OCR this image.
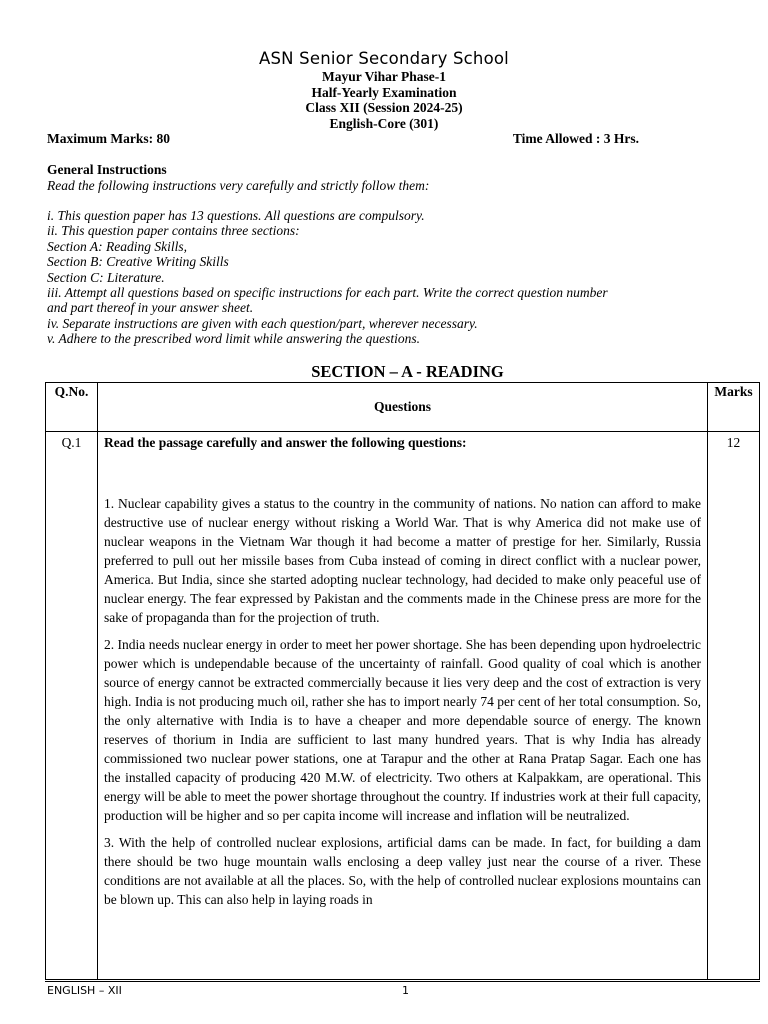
ASN Senior Secondary School
Mayur Vihar Phase-1
Half-Yearly Examination
Class XII (Session 2024-25)
English-Core (301)
Maximum Marks: 80	Time Allowed : 3 Hrs.
General Instructions
Read the following instructions very carefully and strictly follow them:
i. This question paper has 13 questions. All questions are compulsory.
ii. This question paper contains three sections:
Section A: Reading Skills,
Section B: Creative Writing Skills
Section C: Literature.
iii. Attempt all questions based on specific instructions for each part. Write the correct question number and part thereof in your answer sheet.
iv. Separate instructions are given with each question/part, wherever necessary.
v. Adhere to the prescribed word limit while answering the questions.
SECTION – A - READING
Q.No.	Questions	Marks
Q.1	Read the passage carefully and answer the following questions:

1. Nuclear capability gives a status to the country in the community of nations. No nation can afford to make destructive use of nuclear energy without risking a World War. That is why America did not make use of nuclear weapons in the Vietnam War though it had become a matter of prestige for her. Similarly, Russia preferred to pull out her missile bases from Cuba instead of coming in direct conflict with a nuclear power, America. But India, since she started adopting nuclear technology, had decided to make only peaceful use of nuclear energy. The fear expressed by Pakistan and the comments made in the Chinese press are more for the sake of propaganda than for the projection of truth.

2. India needs nuclear energy in order to meet her power shortage. She has been depending upon hydroelectric power which is undependable because of the uncertainty of rainfall. Good quality of coal which is another source of energy cannot be extracted commercially because it lies very deep and the cost of extraction is very high. India is not producing much oil, rather she has to import nearly 74 per cent of her total consumption. So, the only alternative with India is to have a cheaper and more dependable source of energy. The known reserves of thorium in India are sufficient to last many hundred years. That is why India has already commissioned two nuclear power stations, one at Tarapur and the other at Rana Pratap Sagar. Each one has the installed capacity of producing 420 M.W. of electricity. Two others at Kalpakkam, are operational. This energy will be able to meet the power shortage throughout the country. If industries work at their full capacity, production will be higher and so per capita income will increase and inflation will be neutralized.

3. With the help of controlled nuclear explosions, artificial dams can be made. In fact, for building a dam there should be two huge mountain walls enclosing a deep valley just near the course of a river. These conditions are not available at all the places. So, with the help of controlled nuclear explosions mountains can be blown up. This can also help in laying roads in	12
ENGLISH – XII	1
